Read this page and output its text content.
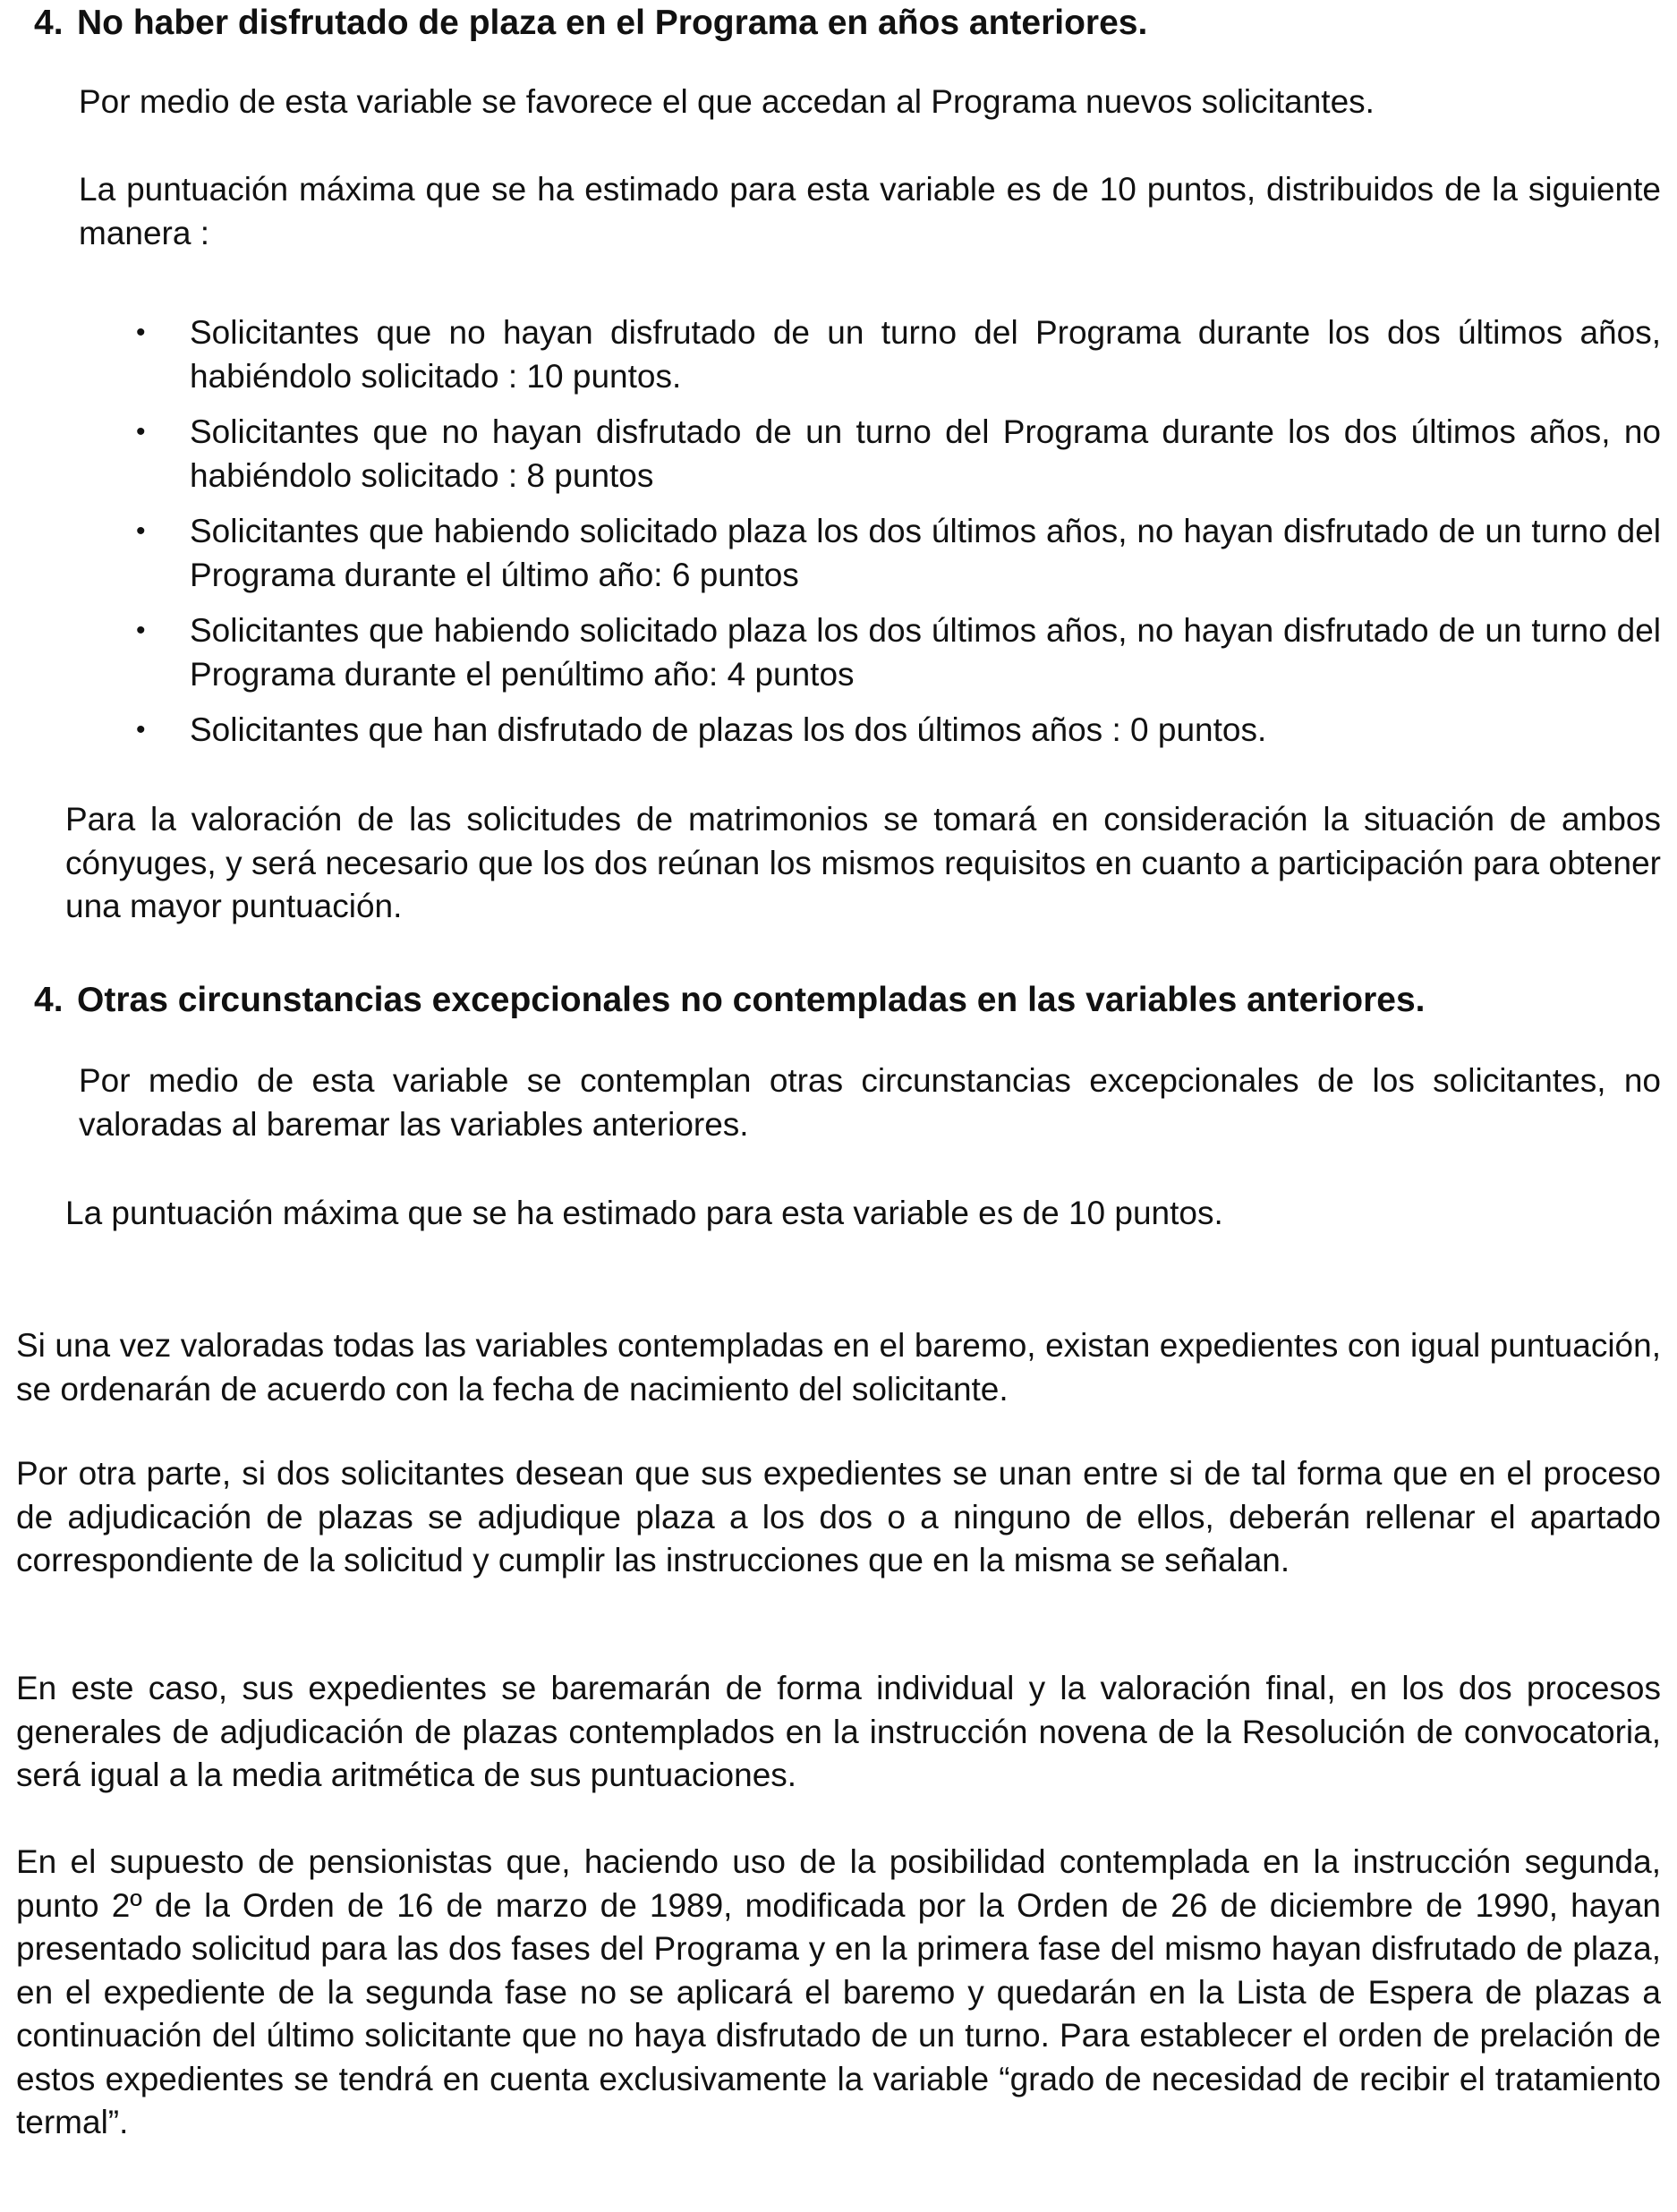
4. No haber disfrutado de plaza en el Programa en años anteriores.

Por medio de esta variable se favorece el que accedan al Programa nuevos solicitantes.

La puntuación máxima que se ha estimado para esta variable es de 10 puntos, distribuidos de la siguiente manera :

• Solicitantes que no hayan disfrutado de un turno del Programa durante los dos últimos años, habiéndolo solicitado : 10 puntos.
• Solicitantes que no hayan disfrutado de un turno del Programa durante los dos últimos años, no habiéndolo solicitado : 8 puntos
• Solicitantes que habiendo solicitado plaza los dos últimos años, no hayan disfrutado de un turno del Programa durante el último año: 6 puntos
• Solicitantes que habiendo solicitado plaza los dos últimos años, no hayan disfrutado de un turno del Programa durante el penúltimo año: 4 puntos
• Solicitantes que han disfrutado de plazas los dos últimos años : 0 puntos.

Para la valoración de las solicitudes de matrimonios se tomará en consideración la situación de ambos cónyuges, y será necesario que los dos reúnan los mismos requisitos en cuanto a participación para obtener una mayor puntuación.

4. Otras circunstancias excepcionales no contempladas en las variables anteriores.

Por medio de esta variable se contemplan otras circunstancias excepcionales de los solicitantes, no valoradas al baremar las variables anteriores.

La puntuación máxima que se ha estimado para esta variable es de 10 puntos.

Si una vez valoradas todas las variables contempladas en el baremo, existan expedientes con igual puntuación, se ordenarán de acuerdo con la fecha de nacimiento del solicitante.

Por otra parte, si dos solicitantes desean que sus expedientes se unan entre si de tal forma que en el proceso de adjudicación de plazas se adjudique plaza a los dos o a ninguno de ellos, deberán rellenar el apartado correspondiente de la solicitud y cumplir las instrucciones que en la misma se señalan.

En este caso, sus expedientes se baremarán de forma individual y la valoración final, en los dos procesos generales de adjudicación de plazas contemplados en la instrucción novena de la Resolución de convocatoria, será igual a la media aritmética de sus puntuaciones.

En el supuesto de pensionistas que, haciendo uso de la posibilidad contemplada en la instrucción segunda, punto 2º de la Orden de 16 de marzo de 1989, modificada por la Orden de 26 de diciembre de 1990, hayan presentado solicitud para las dos fases del Programa y en la primera fase del mismo hayan disfrutado de plaza, en el expediente de la segunda fase no se aplicará el baremo y quedarán en la Lista de Espera de plazas a continuación del último solicitante que no haya disfrutado de un turno. Para establecer el orden de prelación de estos expedientes se tendrá en cuenta exclusivamente la variable “grado de necesidad de recibir el tratamiento termal”.
